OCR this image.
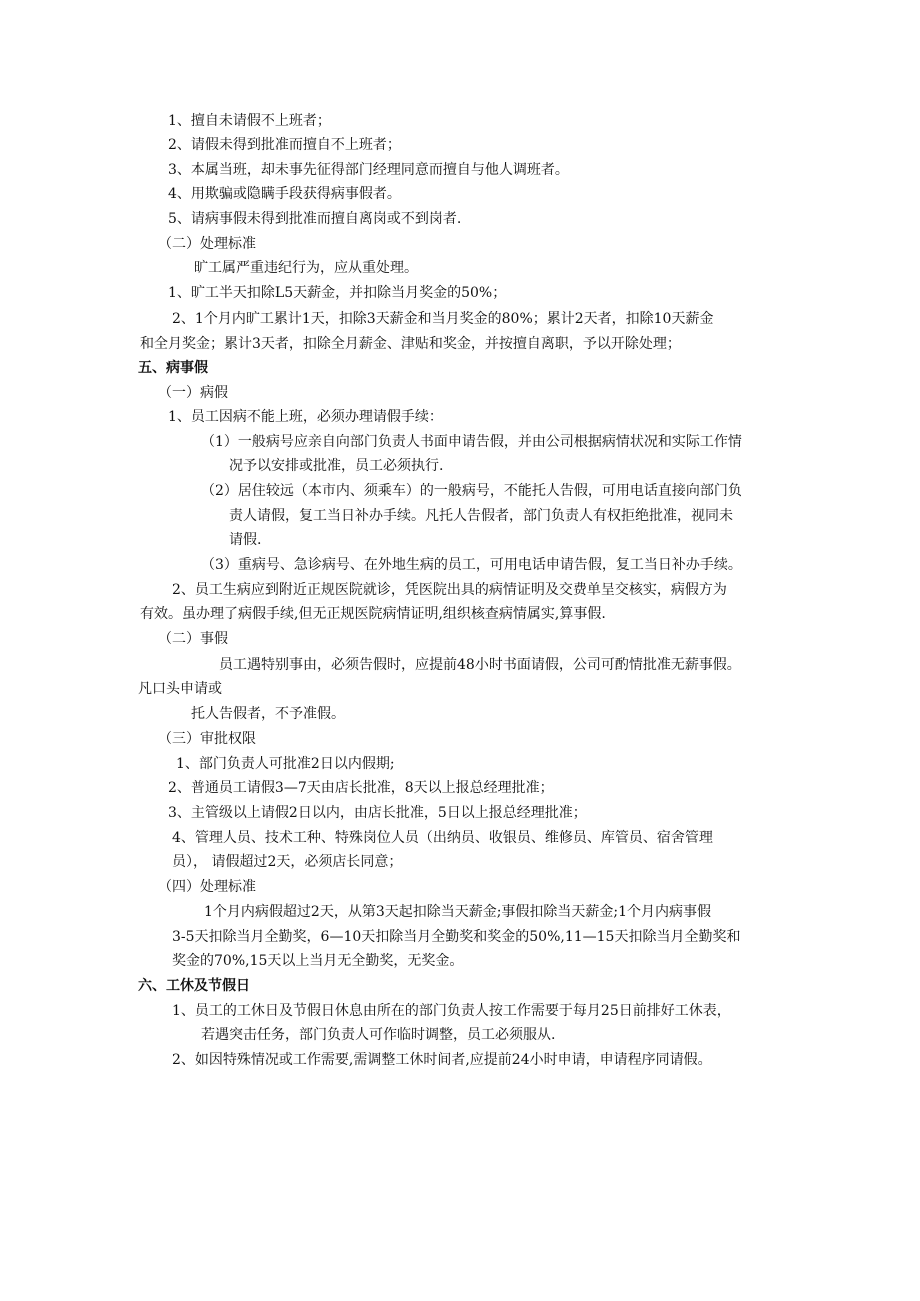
1、擅自未请假不上班者；
2、请假未得到批准而擅自不上班者；
3、本属当班，却未事先征得部门经理同意而擅自与他人调班者。
4、用欺骗或隐瞒手段获得病事假者。
5、请病事假未得到批准而擅自离岗或不到岗者.
（二）处理标准
旷工属严重违纪行为，应从重处理。
1、旷工半天扣除L5天薪金，并扣除当月奖金的50%；
2、1个月内旷工累计1天，扣除3天薪金和当月奖金的80%；累计2天者，扣除10天薪金
和全月奖金；累计3天者，扣除全月薪金、津贴和奖金，并按擅自离职，予以开除处理；
五、病事假
（一）病假
1、员工因病不能上班，必须办理请假手续：
（1）一般病号应亲自向部门负责人书面申请告假，并由公司根据病情状况和实际工作情
况予以安排或批准，员工必须执行.
（2）居住较远（本市内、须乘车）的一般病号，不能托人告假，可用电话直接向部门负
责人请假，复工当日补办手续。凡托人告假者，部门负责人有权拒绝批准，视同未
请假.
（3）重病号、急诊病号、在外地生病的员工，可用电话申请告假，复工当日补办手续。
2、员工生病应到附近正规医院就诊，凭医院出具的病情证明及交费单呈交核实，病假方为
有效。虽办理了病假手续,但无正规医院病情证明,组织核查病情属实,算事假.
（二）事假
员工遇特别事由，必须告假时，应提前48小时书面请假，公司可酌情批准无薪事假。
凡口头申请或
托人告假者，不予准假。
（三）审批权限
1、部门负责人可批准2日以内假期;
2、普通员工请假3—7天由店长批准，8天以上报总经理批准；
3、主管级以上请假2日以内，由店长批准，5日以上报总经理批准；
4、管理人员、技术工种、特殊岗位人员（出纳员、收银员、维修员、库管员、宿舍管理
员）， 请假超过2天，必须店长同意；
（四）处理标准
1个月内病假超过2天，从第3天起扣除当天薪金;事假扣除当天薪金;1个月内病事假
3-5天扣除当月全勤奖，6—10天扣除当月全勤奖和奖金的50%,11—15天扣除当月全勤奖和
奖金的70%,15天以上当月无全勤奖，无奖金。
六、工休及节假日
1、员工的工休日及节假日休息由所在的部门负责人按工作需要于每月25日前排好工休表，
若遇突击任务，部门负责人可作临时调整，员工必须服从.
2、如因特殊情况或工作需要,需调整工休时间者,应提前24小时申请，申请程序同请假。
